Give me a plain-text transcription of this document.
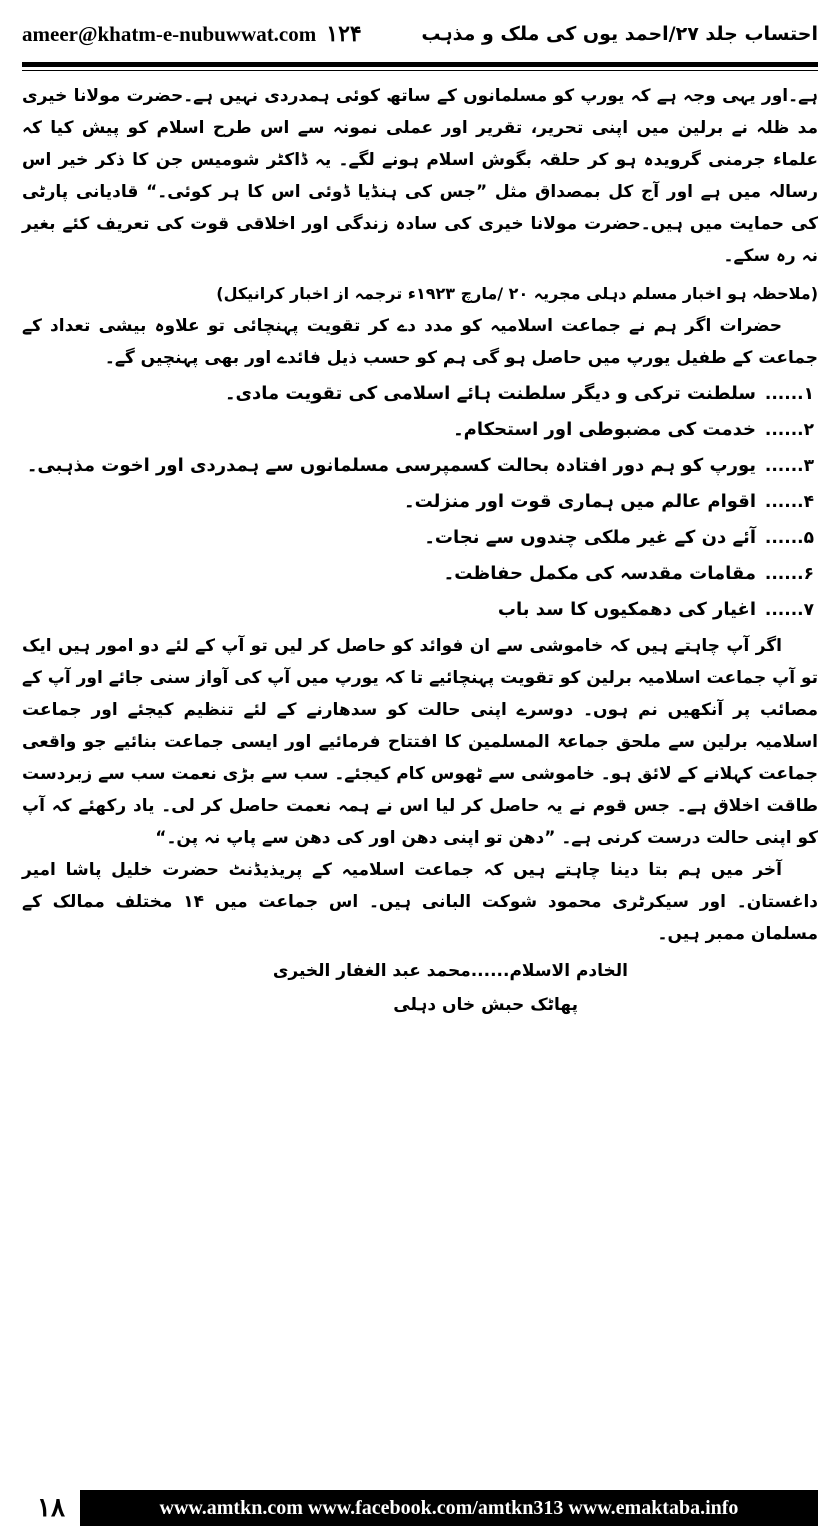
ameer@khatm-e-nubuwwat.com ۱۲۴	احتساب جلد ۲۷/احمد یوں کی ملک و مذہب

ہے۔اور یہی وجہ ہے کہ یورپ کو مسلمانوں کے ساتھ کوئی ہمدردی نہیں ہے۔حضرت مولانا خیری مد ظلہ نے برلین میں اپنی تحریر، تقریر اور عملی نمونہ سے اس طرح اسلام کو پیش کیا کہ علماء جرمنی گرویدہ ہو کر حلقہ بگوش اسلام ہونے لگے۔ یہ ڈاکٹر شومیس جن کا ذکر خیر اس رسالہ میں ہے اور آج کل بمصداق مثل ”جس کی ہنڈیا ڈوئی اس کا ہر کوئی۔“ قادیانی پارٹی کی حمایت میں ہیں۔حضرت مولانا خیری کی سادہ زندگی اور اخلاقی قوت کی تعریف کئے بغیر نہ رہ سکے۔

(ملاحظہ ہو اخبار مسلم دہلی مجریہ ۲۰ /مارچ ۱۹۲۳ء ترجمہ از اخبار کرانیکل)

حضرات اگر ہم نے جماعت اسلامیہ کو مدد دے کر تقویت پہنچائی تو علاوہ بیشی تعداد کے جماعت کے طفیل یورپ میں حاصل ہو گی ہم کو حسب ذیل فائدے اور بھی پہنچیں گے۔

۱......
سلطنت ترکی و دیگر سلطنت ہائے اسلامی کی تقویت مادی۔
۲......
خدمت کی مضبوطی اور استحکام۔
۳......
یورپ کو ہم دور افتادہ بحالت کسمپرسی مسلمانوں سے ہمدردی اور اخوت مذہبی۔
۴......
اقوام عالم میں ہماری قوت اور منزلت۔
۵......
آئے دن کے غیر ملکی چندوں سے نجات۔
۶......
مقامات مقدسہ کی مکمل حفاظت۔
۷......
اغیار کی دھمکیوں کا سد باب

اگر آپ چاہتے ہیں کہ خاموشی سے ان فوائد کو حاصل کر لیں تو آپ کے لئے دو امور ہیں ایک تو آپ جماعت اسلامیہ برلین کو تقویت پہنچائیے تا کہ یورپ میں آپ کی آواز سنی جائے اور آپ کے مصائب پر آنکھیں نم ہوں۔ دوسرے اپنی حالت کو سدھارنے کے لئے تنظیم کیجئے اور جماعت اسلامیہ برلین سے ملحق جماعۃ المسلمین کا افتتاح فرمائیے اور ایسی جماعت بنائیے جو واقعی جماعت کہلانے کے لائق ہو۔ خاموشی سے ٹھوس کام کیجئے۔ سب سے بڑی نعمت سب سے زبردست طاقت اخلاق ہے۔ جس قوم نے یہ حاصل کر لیا اس نے ہمہ نعمت حاصل کر لی۔ یاد رکھئے کہ آپ کو اپنی حالت درست کرنی ہے۔ ”دھن تو اپنی دھن اور کی دھن سے پاپ نہ پن۔“

آخر میں ہم بتا دینا چاہتے ہیں کہ جماعت اسلامیہ کے پریذیڈنٹ حضرت خلیل پاشا امیر داغستان۔ اور سیکرٹری محمود شوکت البانی ہیں۔ اس جماعت میں ۱۴ مختلف ممالک کے مسلمان ممبر ہیں۔

الخادم الاسلام......محمد عبد الغفار الخیری
پھاٹک حبش خاں دہلی
۱۸	www.amtkn.com www.facebook.com/amtkn313 www.emaktaba.info
